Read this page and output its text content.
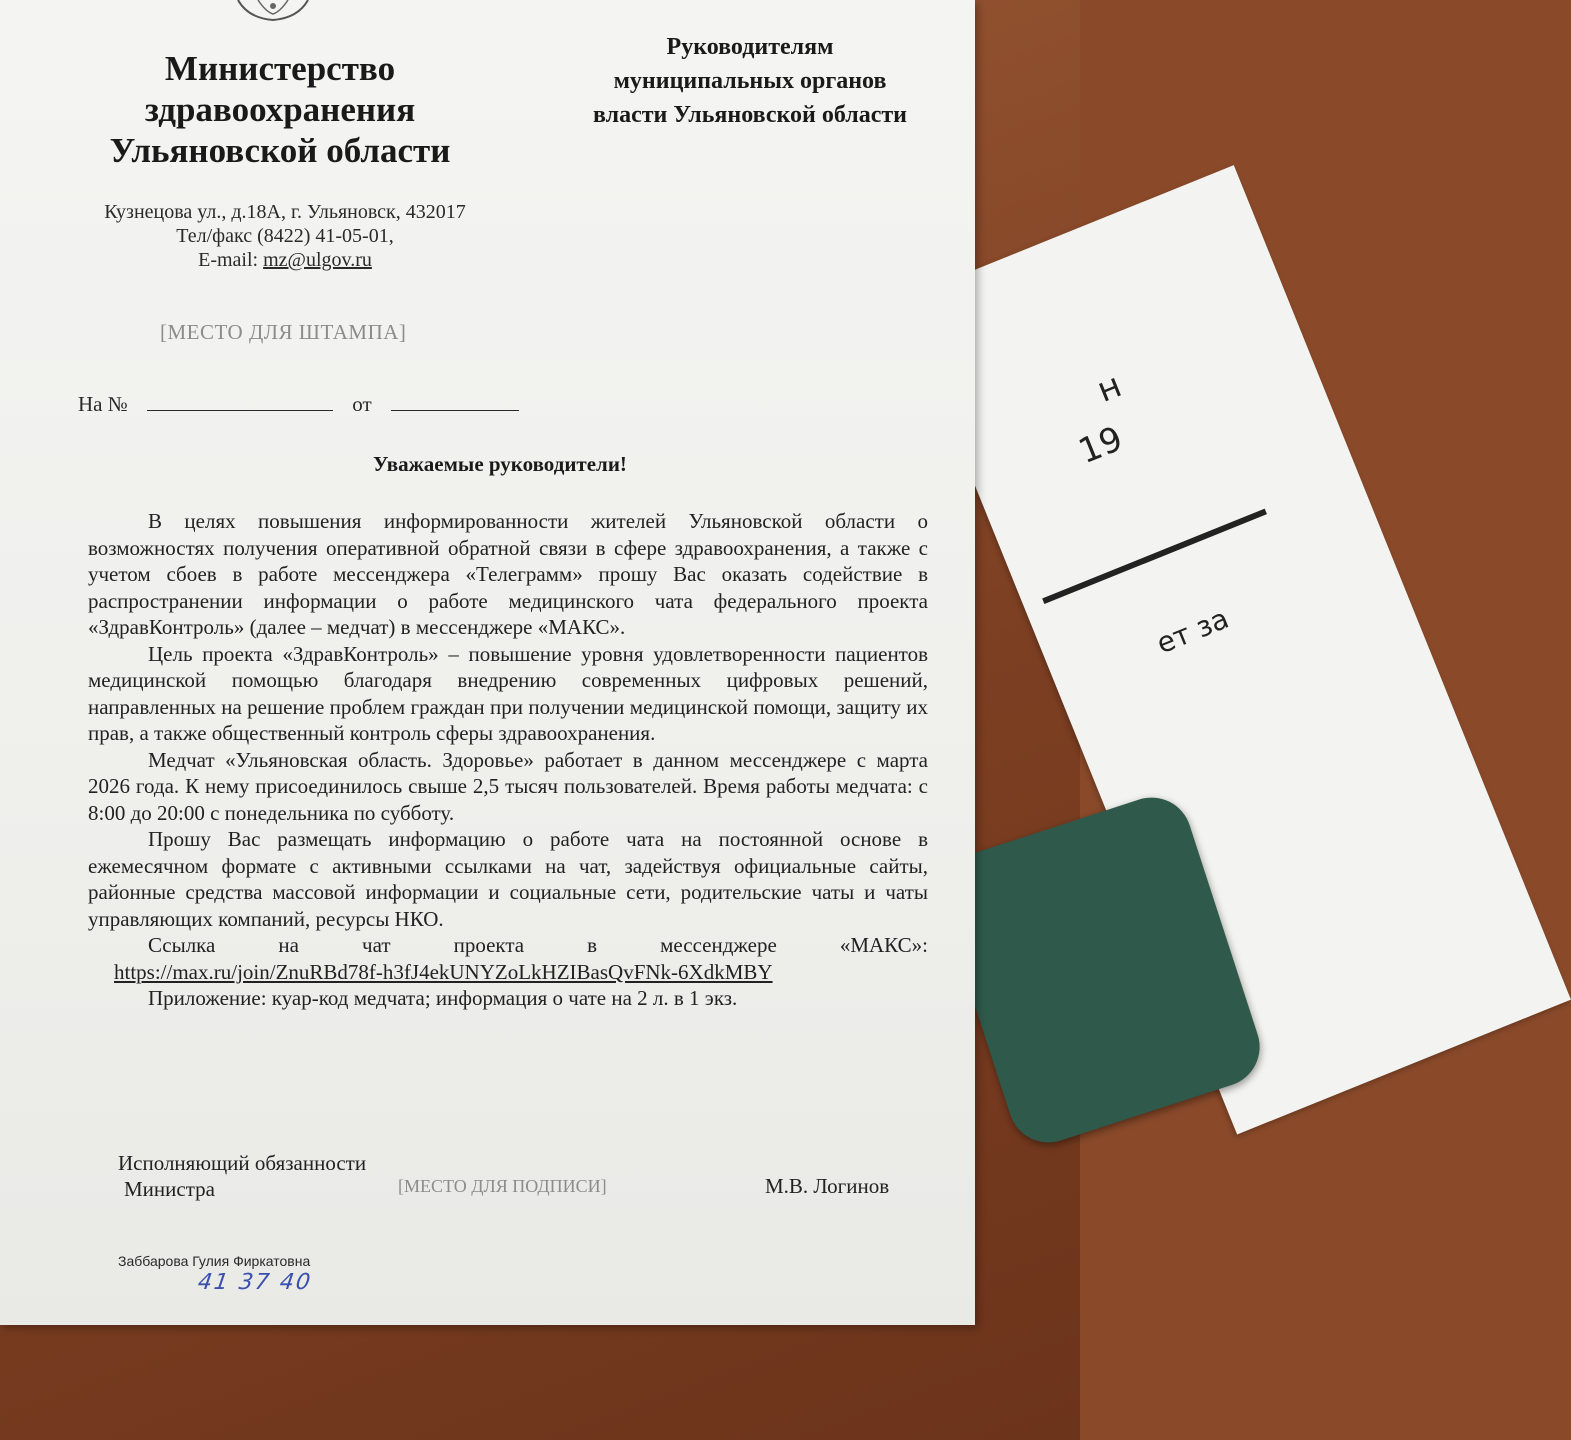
н
19
ет за
Министерство
здравоохранения
Ульяновской области
Кузнецова ул., д.18А, г. Ульяновск, 432017
Тел/факс (8422) 41-05-01,
E-mail: mz@ulgov.ru
Руководителям
муниципальных органов
власти Ульяновской области
[МЕСТО ДЛЯ ШТАМПА]
На №	от
Уважаемые руководители!

В целях повышения информированности жителей Ульяновской области о возможностях получения оперативной обратной связи в сфере здравоохранения, а также с учетом сбоев в работе мессенджера «Телеграмм» прошу Вас оказать содействие в распространении информации о работе медицинского чата федерального проекта «ЗдравКонтроль» (далее – медчат) в мессенджере «МАКС».

Цель проекта «ЗдравКонтроль» – повышение уровня удовлетворенности пациентов медицинской помощью благодаря внедрению современных цифровых решений, направленных на решение проблем граждан при получении медицинской помощи, защиту их прав, а также общественный контроль сферы здравоохранения.

Медчат «Ульяновская область. Здоровье» работает в данном мессенджере с марта 2026 года. К нему присоединилось свыше 2,5 тысяч пользователей. Время работы медчата: с 8:00 до 20:00 с понедельника по субботу.

Прошу Вас размещать информацию о работе чата на постоянной основе в ежемесячном формате с активными ссылками на чат, задействуя официальные сайты, районные средства массовой информации и социальные сети, родительские чаты и чаты управляющих компаний, ресурсы НКО.

Ссылка на чат проекта в мессенджере «МАКС»:

https://max.ru/join/ZnuRBd78f-h3fJ4ekUNYZoLkHZIBasQvFNk-6XdkMBY

Приложение: куар-код медчата; информация о чате на 2 л. в 1 экз.

Исполняющий обязанности
Министра	[МЕСТО ДЛЯ ПОДПИСИ]	М.В. Логинов
Заббарова Гулия Фиркатовна
41 37 40
